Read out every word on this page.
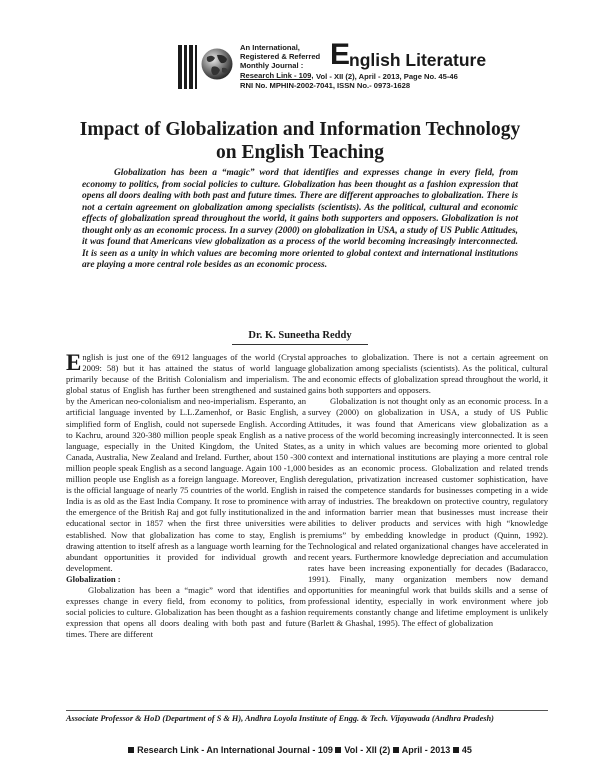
An International,
Registered & Referred
Monthly Journal :
Research Link - 109, Vol - XII (2), April - 2013, Page No. 45-46
RNI No. MPHIN-2002-7041, ISSN No.- 0973-1628
E
nglish Literature
Impact of Globalization and Information Technology
on English Teaching
Globalization has been a “magic” word that identifies and expresses change in every field, from economy to politics, from social policies to culture. Globalization has been thought as a fashion expression that opens all doors dealing with both past and future times. There are different approaches to globalization. There is not a certain agreement on globalization among specialists (scientists). As the political, cultural and economic effects of globalization spread throughout the world, it gains both supporters and opposers. Globalization is not thought only as an economic process. In a survey (2000) on globalization in USA, a study of US Public Attitudes, it was found that Americans view globalization as a process of the world becoming increasingly interconnected. It is seen as a unity in which values are becoming more oriented to global context and international institutions are playing a more central role besides as an economic process.
Dr. K. Suneetha Reddy

English is just one of the 6912 languages of the world (Crystal 2009: 58) but it has attained the status of world language primarily because of the British Colonialism and imperialism. The global status of English has further been strengthened and sustained by the American neo-colonialism and neo-imperialism. Esperanto, an artificial language invented by L.L.Zamenhof, or Basic English, a simplified form of English, could not supersede English. According to Kachru, around 320-380 million people speak English as a native language, especially in the United Kingdom, the United States, Canada, Australia, New Zealand and Ireland. Further, about 150 -300 million people speak English as a second language. Again 100 -1,000 million people use English as a foreign language. Moreover, English is the official language of nearly 75 countries of the world. English in India is as old as the East India Company. It rose to prominence with the emergence of the British Raj and got fully institutionalized in the educational sector in 1857 when the first three universities were established. Now that globalization has come to stay, English is drawing attention to itself afresh as a language worth learning for the abundant opportunities it provided for individual growth and development.

Globalization :

Globalization has been a “magic” word that identifies and expresses change in every field, from economy to politics, from social policies to culture. Globalization has been thought as a fashion expression that opens all doors dealing with both past and future times. There are different

approaches to globalization. There is not a certain agreement on globalization among specialists (scientists). As the political, cultural and economic effects of globalization spread throughout the world, it gains both supporters and opposers.

Globalization is not thought only as an economic process. In a survey (2000) on globalization in USA, a study of US Public Attitudes, it was found that Americans view globalization as a process of the world becoming increasingly interconnected. It is seen as a unity in which values are becoming more oriented to global context and international institutions are playing a more central role besides as an economic process. Globalization and related trends deregulation, privatization increased customer sophistication, have raised the competence standards for businesses competing in a wide array of industries. The breakdown on protective country, regulatory and information barrier mean that businesses must increase their abilities to deliver products and services with high “knowledge premiums” by embedding knowledge in product (Quinn, 1992). Technological and related organizational changes have accelerated in recent years. Furthermore knowledge depreciation and accumulation rates have been increasing exponentially for decades (Badaracco, 1991). Finally, many organization members now demand opportunities for meaningful work that builds skills and a sense of professional identity, especially in work environment where job requirements constantly change and lifetime employment is unlikely (Barlett & Ghashal, 1995). The effect of globalization

Associate Professor & HoD (Department of S & H), Andhra Loyola Institute of Engg. & Tech. Vijayawada (Andhra Pradesh)
Research Link - An International Journal - 109 Vol - XII (2) April - 2013 45
